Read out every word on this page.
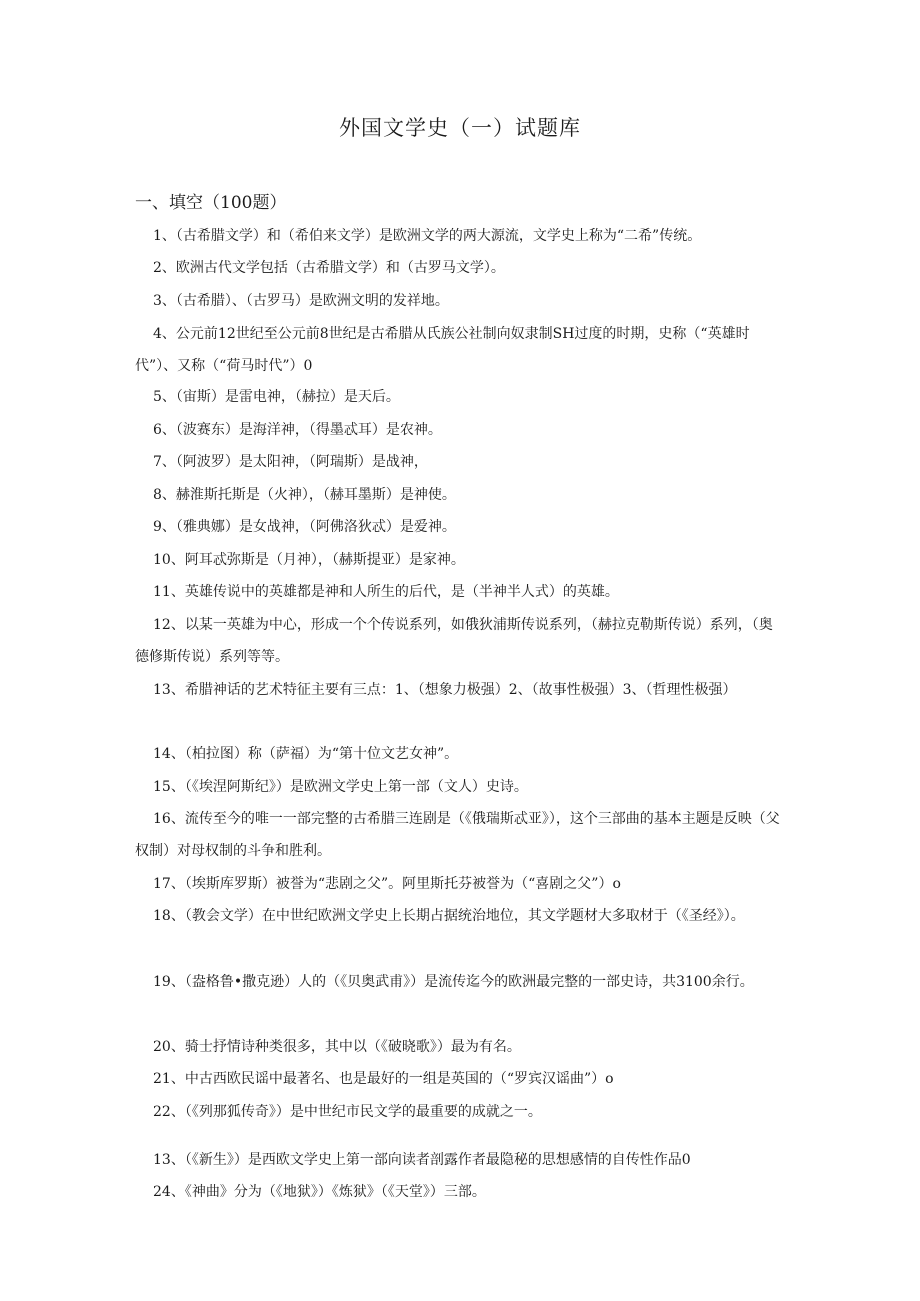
外国文学史（一）试题库
一、填空（100题）
1、（古希腊文学）和（希伯来文学）是欧洲文学的两大源流，文学史上称为“二希”传统。
2、欧洲古代文学包括（古希腊文学）和（古罗马文学）。
3、（古希腊）、（古罗马）是欧洲文明的发祥地。
4、公元前12世纪至公元前8世纪是古希腊从氏族公社制向奴隶制SH过度的时期，史称（“英雄时代”）、又称（“荷马时代”）0
5、（宙斯）是雷电神，（赫拉）是天后。
6、（波赛东）是海洋神，（得墨忒耳）是农神。
7、（阿波罗）是太阳神，（阿瑞斯）是战神，
8、赫淮斯托斯是（火神），（赫耳墨斯）是神使。
9、（雅典娜）是女战神，（阿佛洛狄忒）是爱神。
10、阿耳忒弥斯是（月神），（赫斯提亚）是家神。
11、英雄传说中的英雄都是神和人所生的后代，是（半神半人式）的英雄。
12、以某一英雄为中心，形成一个个传说系列，如俄狄浦斯传说系列，（赫拉克勒斯传说）系列，（奥德修斯传说）系列等等。
13、希腊神话的艺术特征主要有三点：1、（想象力极强）2、（故事性极强）3、（哲理性极强）
14、（柏拉图）称（萨福）为“第十位文艺女神”。
15、（《埃涅阿斯纪》）是欧洲文学史上第一部（文人）史诗。
16、流传至今的唯一一部完整的古希腊三连剧是（《俄瑞斯忒亚》），这个三部曲的基本主题是反映（父权制）对母权制的斗争和胜利。
17、（埃斯库罗斯）被誉为“悲剧之父”。阿里斯托芬被誉为（“喜剧之父”）o
18、（教会文学）在中世纪欧洲文学史上长期占据统治地位，其文学题材大多取材于（《圣经》）。
19、（盎格鲁•撒克逊）人的（《贝奥武甫》）是流传迄今的欧洲最完整的一部史诗，共3100余行。
20、骑士抒情诗种类很多，其中以（《破晓歌》）最为有名。
21、中古西欧民谣中最著名、也是最好的一组是英国的（“罗宾汉谣曲”）o
22、（《列那狐传奇》）是中世纪市民文学的最重要的成就之一。
13、（《新生》）是西欧文学史上第一部向读者剖露作者最隐秘的思想感情的自传性作品0
24、《神曲》分为（《地狱》）《炼狱》（《天堂》）三部。
